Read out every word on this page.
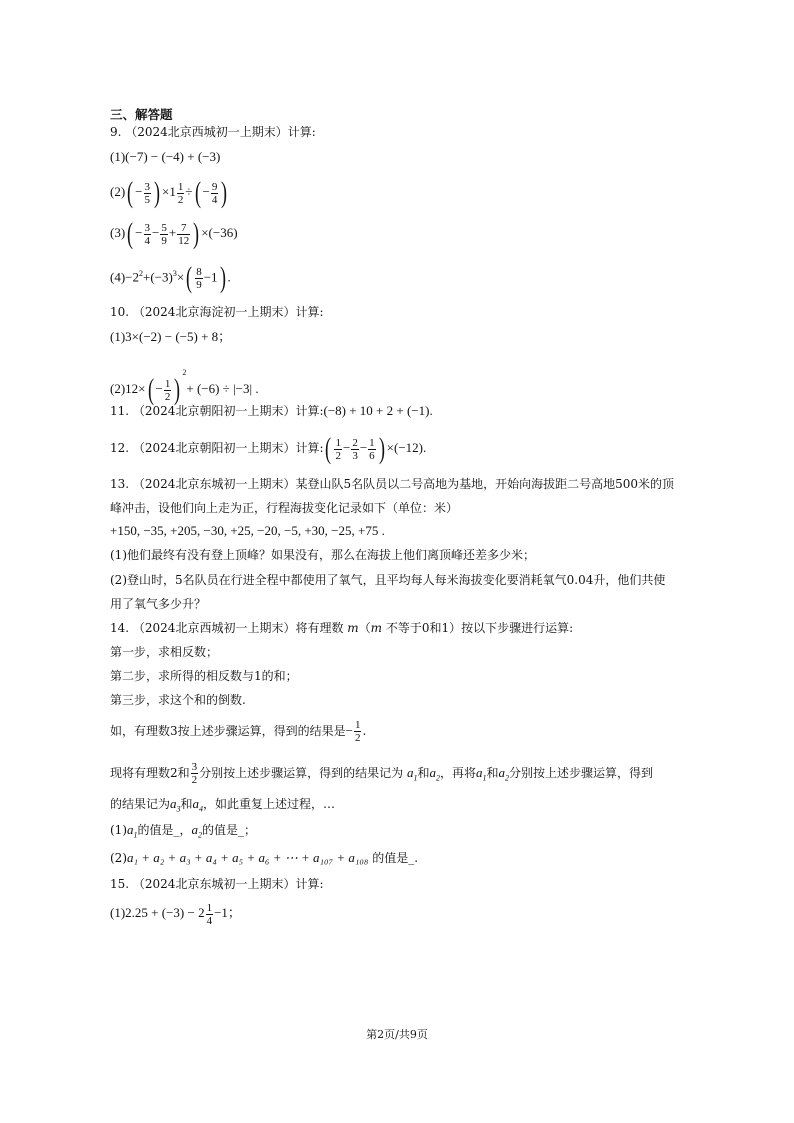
三、解答题
9. （2024北京西城初一上期末）计算:
(1)(−7) − (−4) + (−3)
$(2)( - \frac{3}{5}$ ) $\times 1 \frac{1}{2}$ ÷( − $\frac{9}{4}$ )
$(3)( - \frac{3}{4} - \frac{5}{9} + \frac{7}{12}$ ) ×(−36)
$(4)-2^2+(-3)^3\times( \frac{8}{9} -1)$ .
10. （2024北京海淀初一上期末）计算:
(1)3×(−2) − (−5) + 8；
$(2)12\times( - \frac{1}{2} )^2+ (-6) \div |-3|$ .
11. （2024北京朝阳初一上期末）计算:(−8) + 10 + 2 + (−1).
12. （2024北京朝阳初一上期末）计算:( $\frac{1}{2} - \frac{2}{3} - \frac{1}{6}$ ) ×(−12).
13. （2024北京东城初一上期末）某登山队5名队员以二号高地为基地，开始向海拔距二号高地500米的顶
峰冲击，设他们向上走为正，行程海拔变化记录如下（单位：米）
+150, −35, +205, −30, +25, −20, −5, +30, −25, +75 .
(1)他们最终有没有登上顶峰？如果没有，那么在海拔上他们离顶峰还差多少米；
(2)登山时，5名队员在行进全程中都使用了氧气，且平均每人每米海拔变化要消耗氧气0.04升，他们共使
用了氧气多少升？
14. （2024北京西城初一上期末）将有理数 m（m 不等于0和1）按以下步骤进行运算:
第一步，求相反数；
第二步，求所得的相反数与1的和；
第三步，求这个和的倒数.
如，有理数3按上述步骤运算，得到的结果是− $\frac{1}{2}$ .
现将有理数2和 $\frac{3}{2}$ 分别按上述步骤运算，得到的结果记为 $a_1$和$a_2$，再将$a_1$和$a_2$分别按上述步骤运算，得到
的结果记为$a_3$和$a_4$，如此重复上述过程，…
$(1)a_1$的值是_，$a_2$的值是_；
(2)a₁ + a₂ + a₃ + a₄ + a₅ + a₆ + ⋯ + a₁₀₇ + a₁₀₈ 的值是_.
15. （2024北京东城初一上期末）计算:
$(1)2.25 + (-3) - 2 \frac{1}{4} -1$；
第2页/共9页
